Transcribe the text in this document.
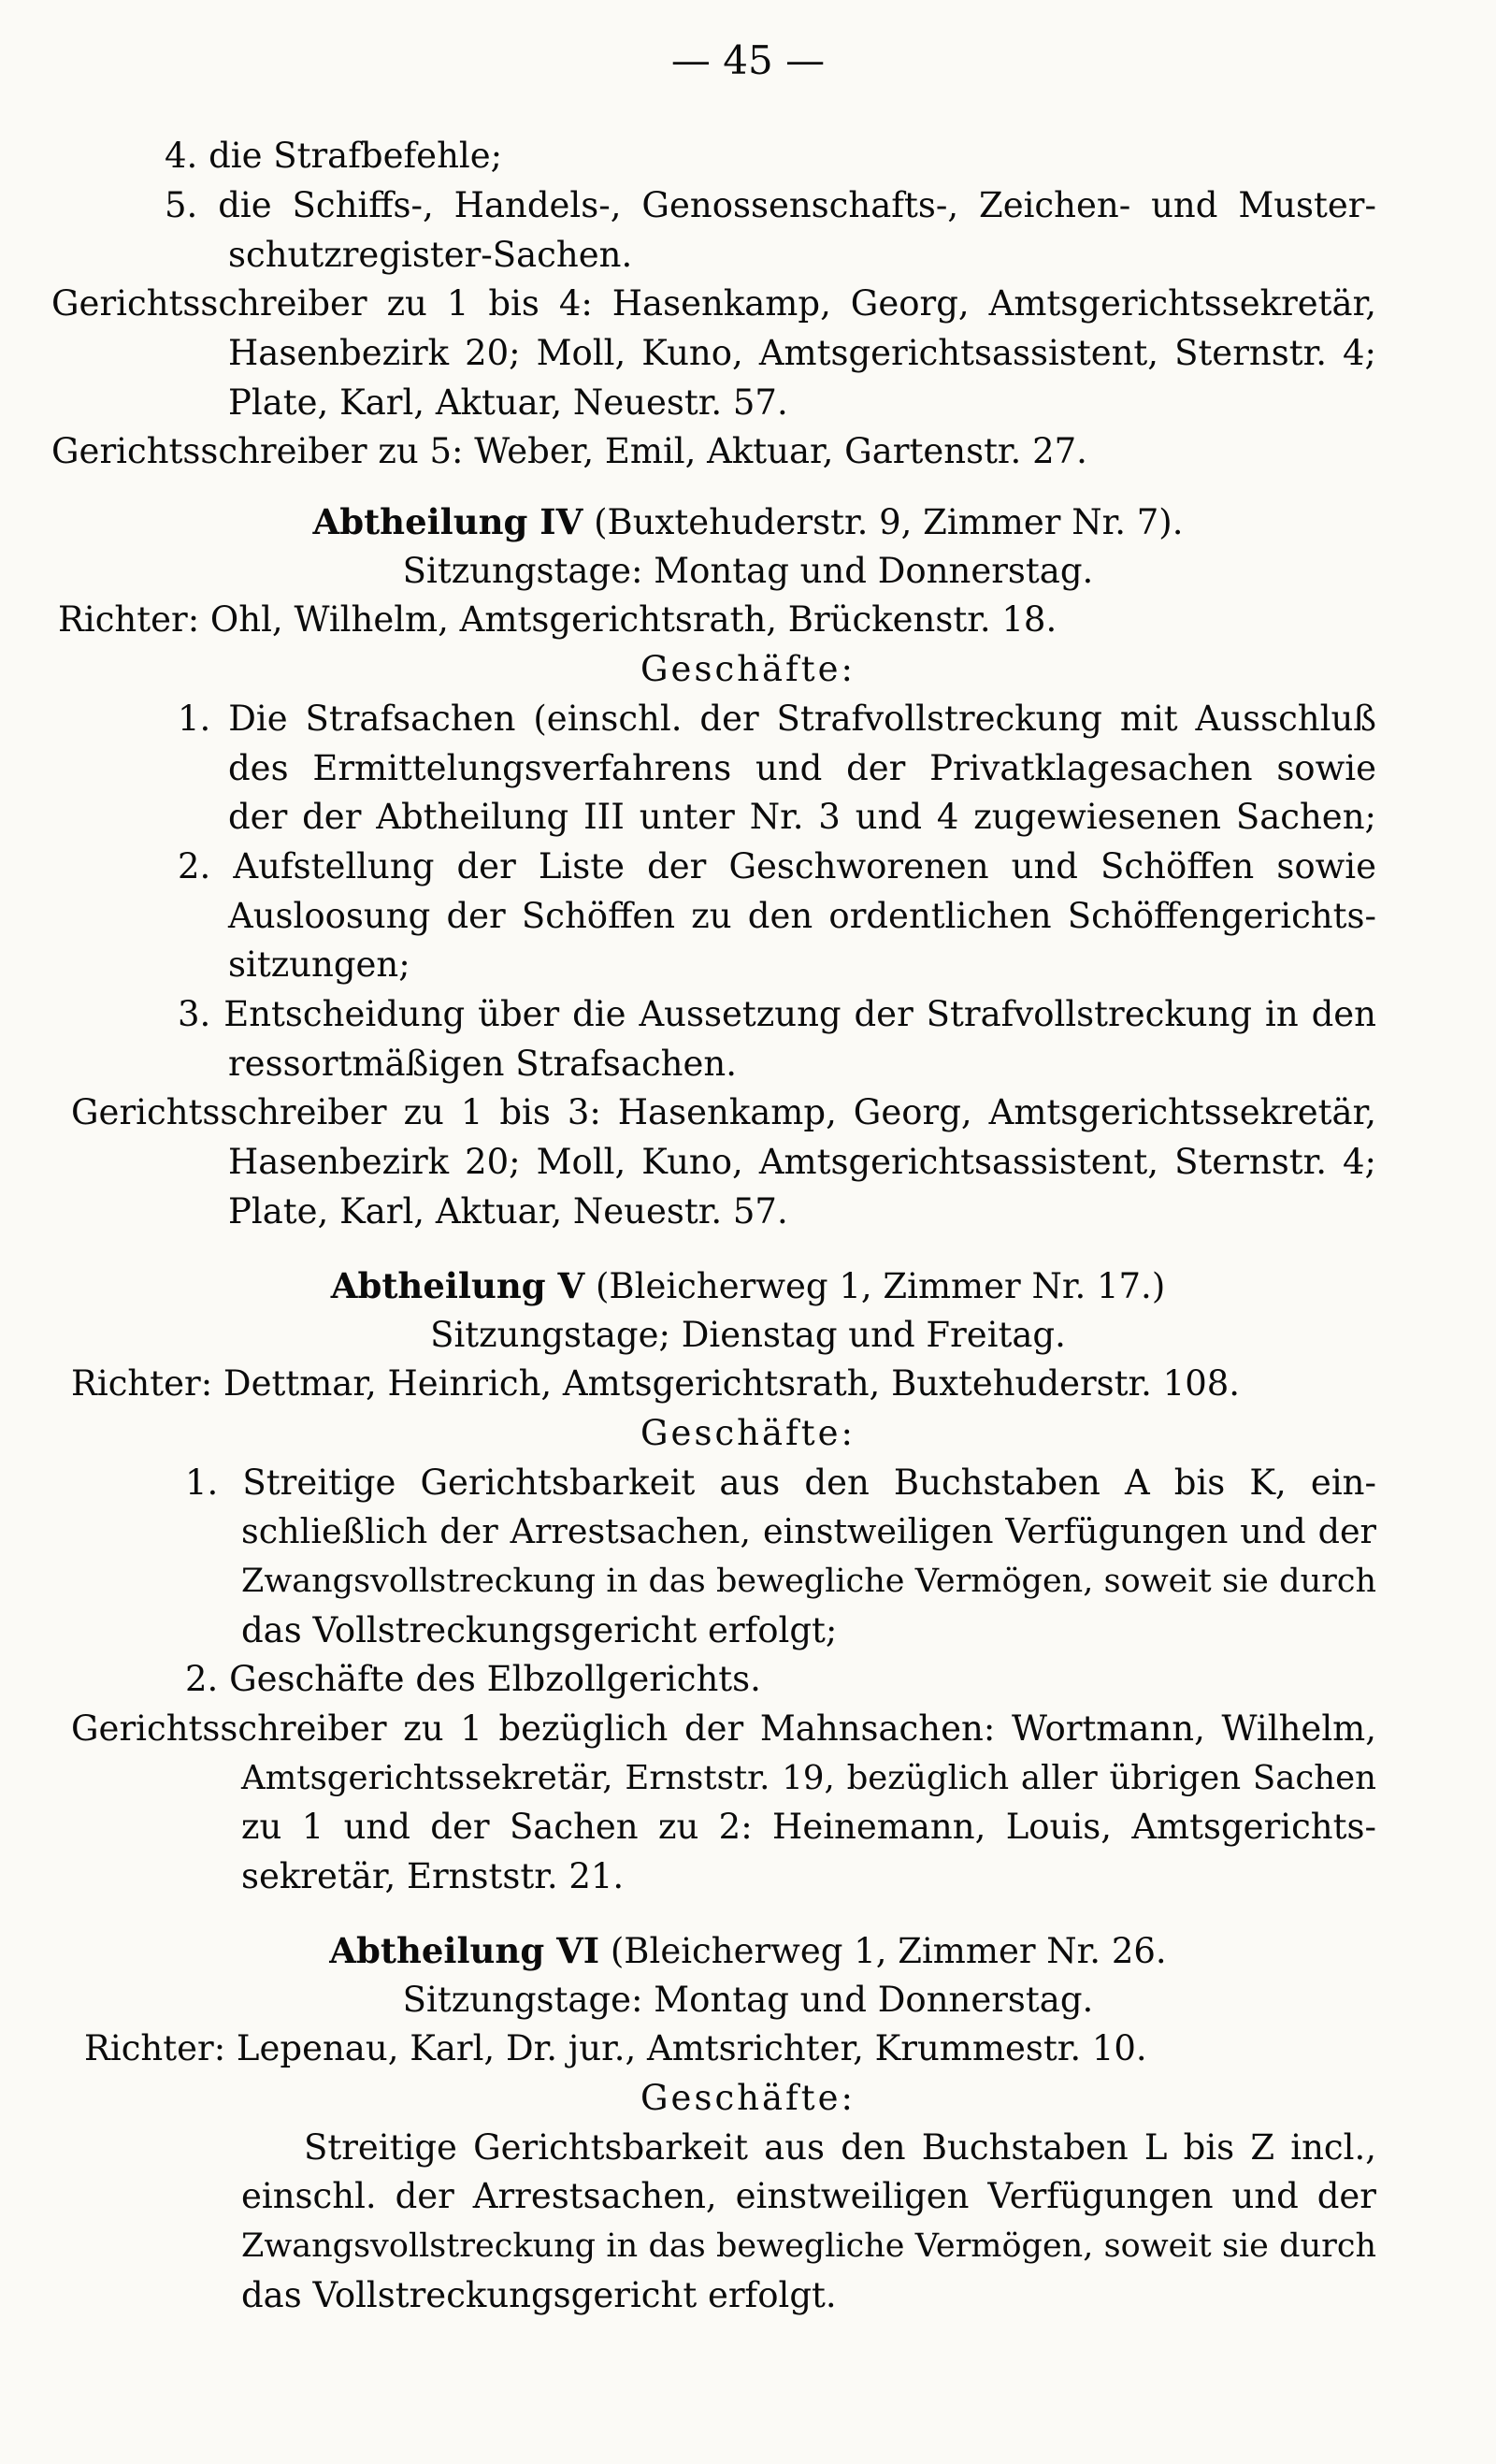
— 45 —

4. die Strafbefehle;

5. die Schiffs-, Handels-, Genossenschafts-, Zeichen- und Muster-

schutzregister-Sachen.

Gerichtsschreiber zu 1 bis 4: Hasenkamp, Georg, Amtsgerichtssekretär,

Hasenbezirk 20; Moll, Kuno, Amtsgerichtsassistent, Sternstr. 4;

Plate, Karl, Aktuar, Neuestr. 57.

Gerichtsschreiber zu 5: Weber, Emil, Aktuar, Gartenstr. 27.

Abtheilung IV (Buxtehuderstr. 9, Zimmer Nr. 7).

Sitzungstage: Montag und Donnerstag.

Richter: Ohl, Wilhelm, Amtsgerichtsrath, Brückenstr. 18.

Geschäfte:

1. Die Strafsachen (einschl. der Strafvollstreckung mit Ausschluß

des Ermittelungsverfahrens und der Privatklagesachen sowie

der der Abtheilung III unter Nr. 3 und 4 zugewiesenen Sachen;

2. Aufstellung der Liste der Geschworenen und Schöffen sowie

Ausloosung der Schöffen zu den ordentlichen Schöffengerichts-

sitzungen;

3. Entscheidung über die Aussetzung der Strafvollstreckung in den

ressortmäßigen Strafsachen.

Gerichtsschreiber zu 1 bis 3: Hasenkamp, Georg, Amtsgerichtssekretär,

Hasenbezirk 20; Moll, Kuno, Amtsgerichtsassistent, Sternstr. 4;

Plate, Karl, Aktuar, Neuestr. 57.

Abtheilung V (Bleicherweg 1, Zimmer Nr. 17.)

Sitzungstage; Dienstag und Freitag.

Richter: Dettmar, Heinrich, Amtsgerichtsrath, Buxtehuderstr. 108.

Geschäfte:

1. Streitige Gerichtsbarkeit aus den Buchstaben A bis K, ein-

schließlich der Arrestsachen, einstweiligen Verfügungen und der

Zwangsvollstreckung in das bewegliche Vermögen, soweit sie durch

das Vollstreckungsgericht erfolgt;

2. Geschäfte des Elbzollgerichts.

Gerichtsschreiber zu 1 bezüglich der Mahnsachen: Wortmann, Wilhelm,

Amtsgerichtssekretär, Ernststr. 19, bezüglich aller übrigen Sachen

zu 1 und der Sachen zu 2: Heinemann, Louis, Amtsgerichts-

sekretär, Ernststr. 21.

Abtheilung VI (Bleicherweg 1, Zimmer Nr. 26.

Sitzungstage: Montag und Donnerstag.

Richter: Lepenau, Karl, Dr. jur., Amtsrichter, Krummestr. 10.

Geschäfte:

Streitige Gerichtsbarkeit aus den Buchstaben L bis Z incl.,

einschl. der Arrestsachen, einstweiligen Verfügungen und der

Zwangsvollstreckung in das bewegliche Vermögen, soweit sie durch

das Vollstreckungsgericht erfolgt.
